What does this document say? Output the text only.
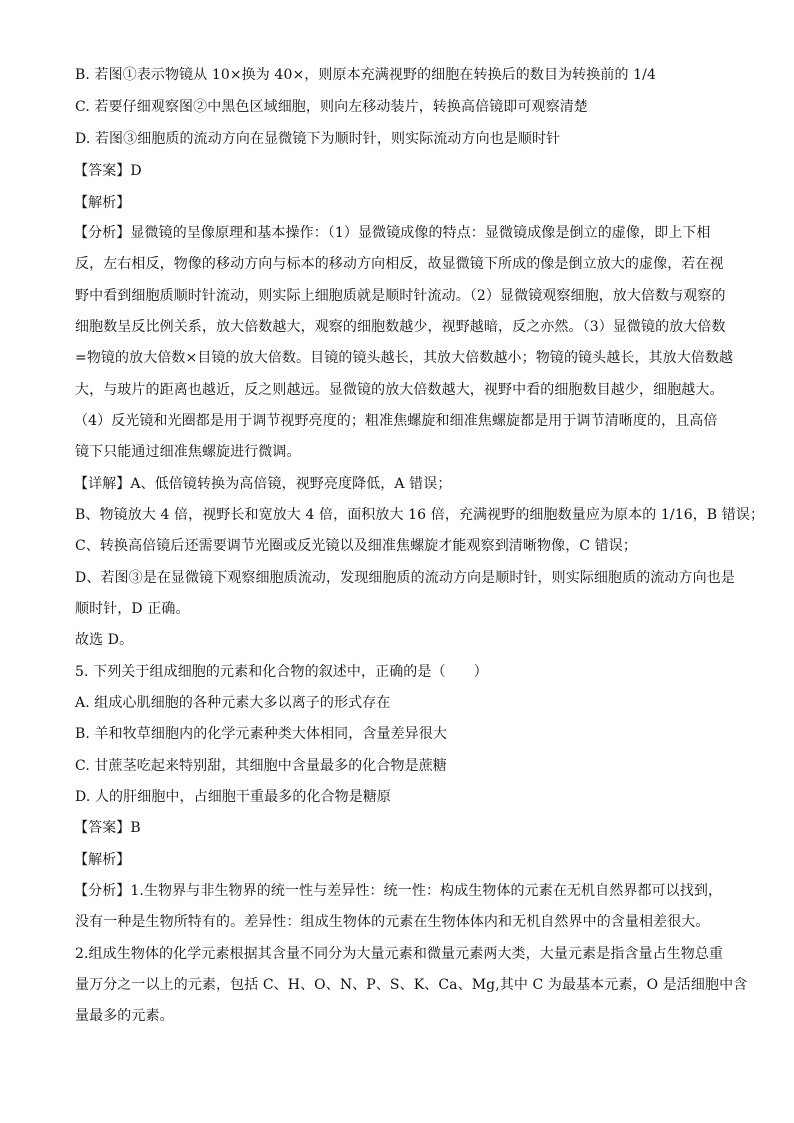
B. 若图①表示物镜从 10×换为 40×，则原本充满视野的细胞在转换后的数目为转换前的 1/4
C. 若要仔细观察图②中黑色区域细胞，则向左移动装片，转换高倍镜即可观察清楚
D. 若图③细胞质的流动方向在显微镜下为顺时针，则实际流动方向也是顺时针
【答案】D
【解析】
【分析】显微镜的呈像原理和基本操作：（1）显微镜成像的特点：显微镜成像是倒立的虚像，即上下相
反，左右相反，物像的移动方向与标本的移动方向相反，故显微镜下所成的像是倒立放大的虚像，若在视
野中看到细胞质顺时针流动，则实际上细胞质就是顺时针流动。（2）显微镜观察细胞，放大倍数与观察的
细胞数呈反比例关系，放大倍数越大，观察的细胞数越少，视野越暗，反之亦然。（3）显微镜的放大倍数
=物镜的放大倍数×目镜的放大倍数。目镜的镜头越长，其放大倍数越小；物镜的镜头越长，其放大倍数越
大，与玻片的距离也越近，反之则越远。显微镜的放大倍数越大，视野中看的细胞数目越少，细胞越大。
（4）反光镜和光圈都是用于调节视野亮度的；粗准焦螺旋和细准焦螺旋都是用于调节清晰度的，且高倍
镜下只能通过细准焦螺旋进行微调。
【详解】A、低倍镜转换为高倍镜，视野亮度降低，A 错误；
B、物镜放大 4 倍，视野长和宽放大 4 倍，面积放大 16 倍，充满视野的细胞数量应为原本的 1/16，B 错误；
C、转换高倍镜后还需要调节光圈或反光镜以及细准焦螺旋才能观察到清晰物像，C 错误；
D、若图③是在显微镜下观察细胞质流动，发现细胞质的流动方向是顺时针，则实际细胞质的流动方向也是
顺时针，D 正确。
故选 D。
5. 下列关于组成细胞的元素和化合物的叙述中，正确的是（　　）
A. 组成心肌细胞的各种元素大多以离子的形式存在
B. 羊和牧草细胞内的化学元素种类大体相同，含量差异很大
C. 甘蔗茎吃起来特别甜，其细胞中含量最多的化合物是蔗糖
D. 人的肝细胞中，占细胞干重最多的化合物是糖原
【答案】B
【解析】
【分析】1.生物界与非生物界的统一性与差异性：统一性：构成生物体的元素在无机自然界都可以找到，
没有一种是生物所特有的。差异性：组成生物体的元素在生物体体内和无机自然界中的含量相差很大。
2.组成生物体的化学元素根据其含量不同分为大量元素和微量元素两大类，大量元素是指含量占生物总重
量万分之一以上的元素，包括 C、H、O、N、P、S、K、Ca、Mg,其中 C 为最基本元素，O 是活细胞中含
量最多的元素。
